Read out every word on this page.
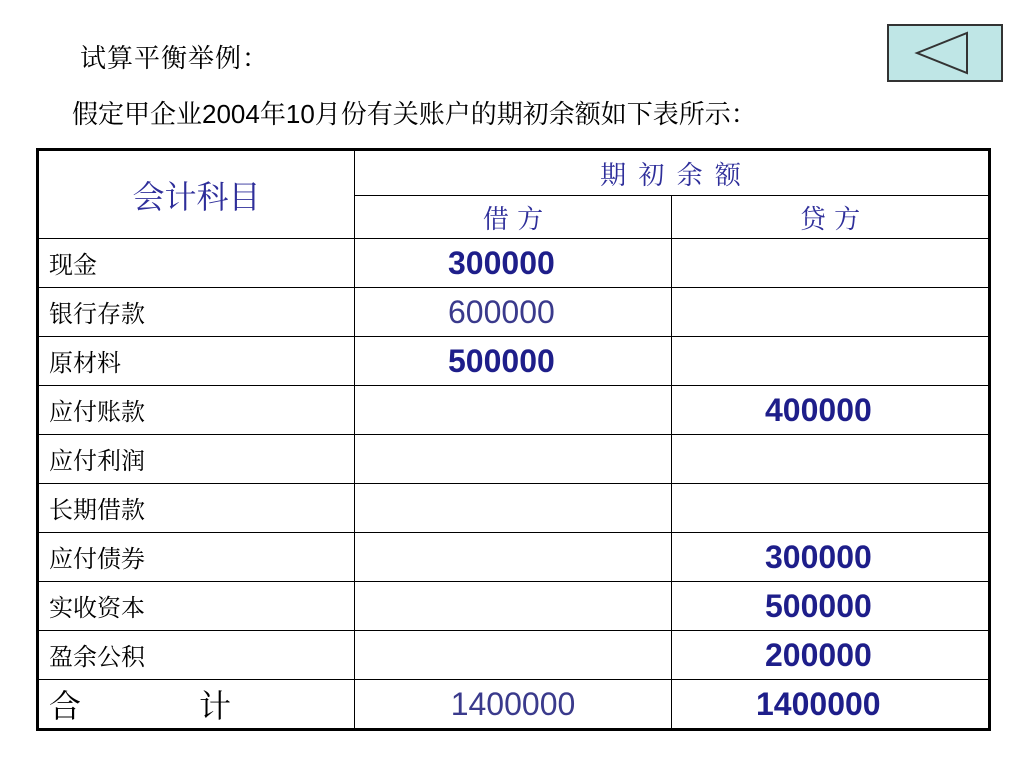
试算平衡举例：
假定甲企业2004年10月份有关账户的期初余额如下表所示：
会计科目	期 初 余 额	
	借 方	贷 方
现金	300000	
银行存款	600000	
原材料	500000	
应付账款		400000
应付利润		
长期借款		
应付债券		300000
实收资本		500000
盈余公积		200000
合 计	1400000	1400000
